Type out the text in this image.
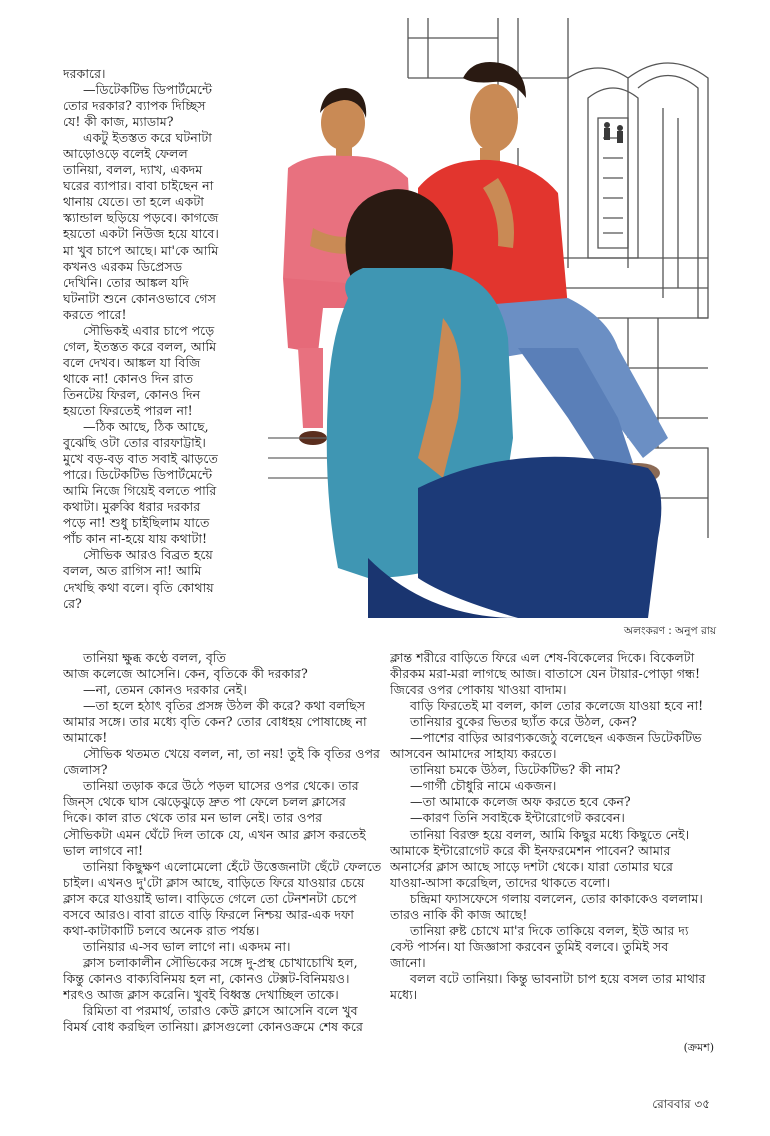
দরকারে।
—ডিটেকটিভ ডিপার্টমেন্টে
তোর দরকার? ব্যাপক দিচ্ছিস
যে! কী কাজ, ম্যাডাম?
একটু ইতস্তত করে ঘটনাটা
আড়োওড়ে বলেই ফেলল
তানিয়া, বলল, দ্যাখ, একদম
ঘরের ব্যাপার। বাবা চাইছেন না
থানায় যেতে। তা হলে একটা
স্ক্যান্ডাল ছড়িয়ে পড়বে। কাগজে
হয়তো একটা নিউজ হয়ে যাবে।
মা খুব চাপে আছে। মা'কে আমি
কখনও এরকম ডিপ্রেসড
দেখিনি। তোর আঙ্কল যদি
ঘটনাটা শুনে কোনওভাবে গেস
করতে পারে!
সৌভিকই এবার চাপে পড়ে
গেল, ইতস্তত করে বলল, আমি
বলে দেখব। আঙ্কল যা বিজি
থাকে না! কোনও দিন রাত
তিনটেয় ফিরল, কোনও দিন
হয়তো ফিরতেই পারল না!
—ঠিক আছে, ঠিক আছে,
বুঝেছি ওটা তোর বারফাট্টাই।
মুখে বড়-বড় বাত সবাই ঝাড়তে
পারে। ডিটেকটিভ ডিপার্টমেন্টে
আমি নিজে গিয়েই বলতে পারি
কথাটা। মুরুব্বি ধরার দরকার
পড়ে না! শুধু চাইছিলাম যাতে
পাঁচ কান না-হয়ে যায় কথাটা!
সৌভিক আরও বিব্রত হয়ে
বলল, অত রাগিস না! আমি
দেখছি কথা বলে। বৃতি কোথায়
রে?
অলংকরণ : অনুপ রায়
তানিয়া ক্ষুব্ধ কণ্ঠে বলল, বৃতি
আজ কলেজে আসেনি। কেন, বৃতিকে কী দরকার?
—না, তেমন কোনও দরকার নেই।
—তা হলে হঠাৎ বৃতির প্রসঙ্গ উঠল কী করে? কথা বলছিস
আমার সঙ্গে। তার মধ্যে বৃতি কেন? তোর বোধহয় পোষাচ্ছে না
আমাকে!
সৌভিক থতমত খেয়ে বলল, না, তা নয়! তুই কি বৃতির ওপর
জেলাস?
তানিয়া তড়াক করে উঠে পড়ল ঘাসের ওপর থেকে। তার
জিন্‌স থেকে ঘাস ঝেড়েঝুড়ে দ্রুত পা ফেলে চলল ক্লাসের
দিকে। কাল রাত থেকে তার মন ভাল নেই। তার ওপর
সৌভিকটা এমন ঘেঁটে দিল তাকে যে, এখন আর ক্লাস করতেই
ভাল লাগবে না!
তানিয়া কিছুক্ষণ এলোমেলো হেঁটে উত্তেজনাটা ছেঁটে ফেলতে
চাইল। এখনও দু'টো ক্লাস আছে, বাড়িতে ফিরে যাওয়ার চেয়ে
ক্লাস করে যাওয়াই ভাল। বাড়িতে গেলে তো টেনশনটা চেপে
বসবে আরও। বাবা রাতে বাড়ি ফিরলে নিশ্চয় আর-এক দফা
কথা-কাটাকাটি চলবে অনেক রাত পর্যন্ত।
তানিয়ার এ-সব ভাল লাগে না। একদম না।
ক্লাস চলাকালীন সৌভিকের সঙ্গে দু-প্রস্থ চোখাচোখি হল,
কিন্তু কোনও বাক্যবিনিময় হল না, কোনও টেক্সট-বিনিময়ও।
শরৎও আজ ক্লাস করেনি। খুবই বিধ্বস্ত দেখাচ্ছিল তাকে।
রিমিতা বা পরমার্থ, তারাও কেউ ক্লাসে আসেনি বলে খুব
বিমর্ষ বোধ করছিল তানিয়া। ক্লাসগুলো কোনওক্রমে শেষ করে
ক্লান্ত শরীরে বাড়িতে ফিরে এল শেষ-বিকেলের দিকে। বিকেলটা
কীরকম মরা-মরা লাগছে আজ। বাতাসে যেন টায়ার-পোড়া গন্ধ!
জিবের ওপর পোকায় খাওয়া বাদাম।
বাড়ি ফিরতেই মা বলল, কাল তোর কলেজে যাওয়া হবে না!
তানিয়ার বুকের ভিতর ছ্যাঁত করে উঠল, কেন?
—পাশের বাড়ির আরণ্যকজেঠু বলেছেন একজন ডিটেকটিভ
আসবেন আমাদের সাহায্য করতে।
তানিয়া চমকে উঠল, ডিটেকটিভ? কী নাম?
—গার্গী চৌধুরি নামে একজন।
—তা আমাকে কলেজ অফ করতে হবে কেন?
—কারণ তিনি সবাইকে ইন্টারোগেট করবেন।
তানিয়া বিরক্ত হয়ে বলল, আমি কিছুর মধ্যে কিছুতে নেই।
আমাকে ইন্টারোগেট করে কী ইনফরমেশন পাবেন? আমার
অনার্সের ক্লাস আছে সাড়ে দশটা থেকে। যারা তোমার ঘরে
যাওয়া-আসা করেছিল, তাদের থাকতে বলো।
চন্দ্রিমা ফ্যাসফেসে গলায় বললেন, তোর কাকাকেও বললাম।
তারও নাকি কী কাজ আছে!
তানিয়া রুষ্ট চোখে মা'র দিকে তাকিয়ে বলল, ইউ আর দ্য
বেস্ট পার্সন। যা জিজ্ঞাসা করবেন তুমিই বলবে। তুমিই সব
জানো।
বলল বটে তানিয়া। কিন্তু ভাবনাটা চাপ হয়ে বসল তার মাথার
মধ্যে।
(ক্রমশ)
রোববার ৩৫
